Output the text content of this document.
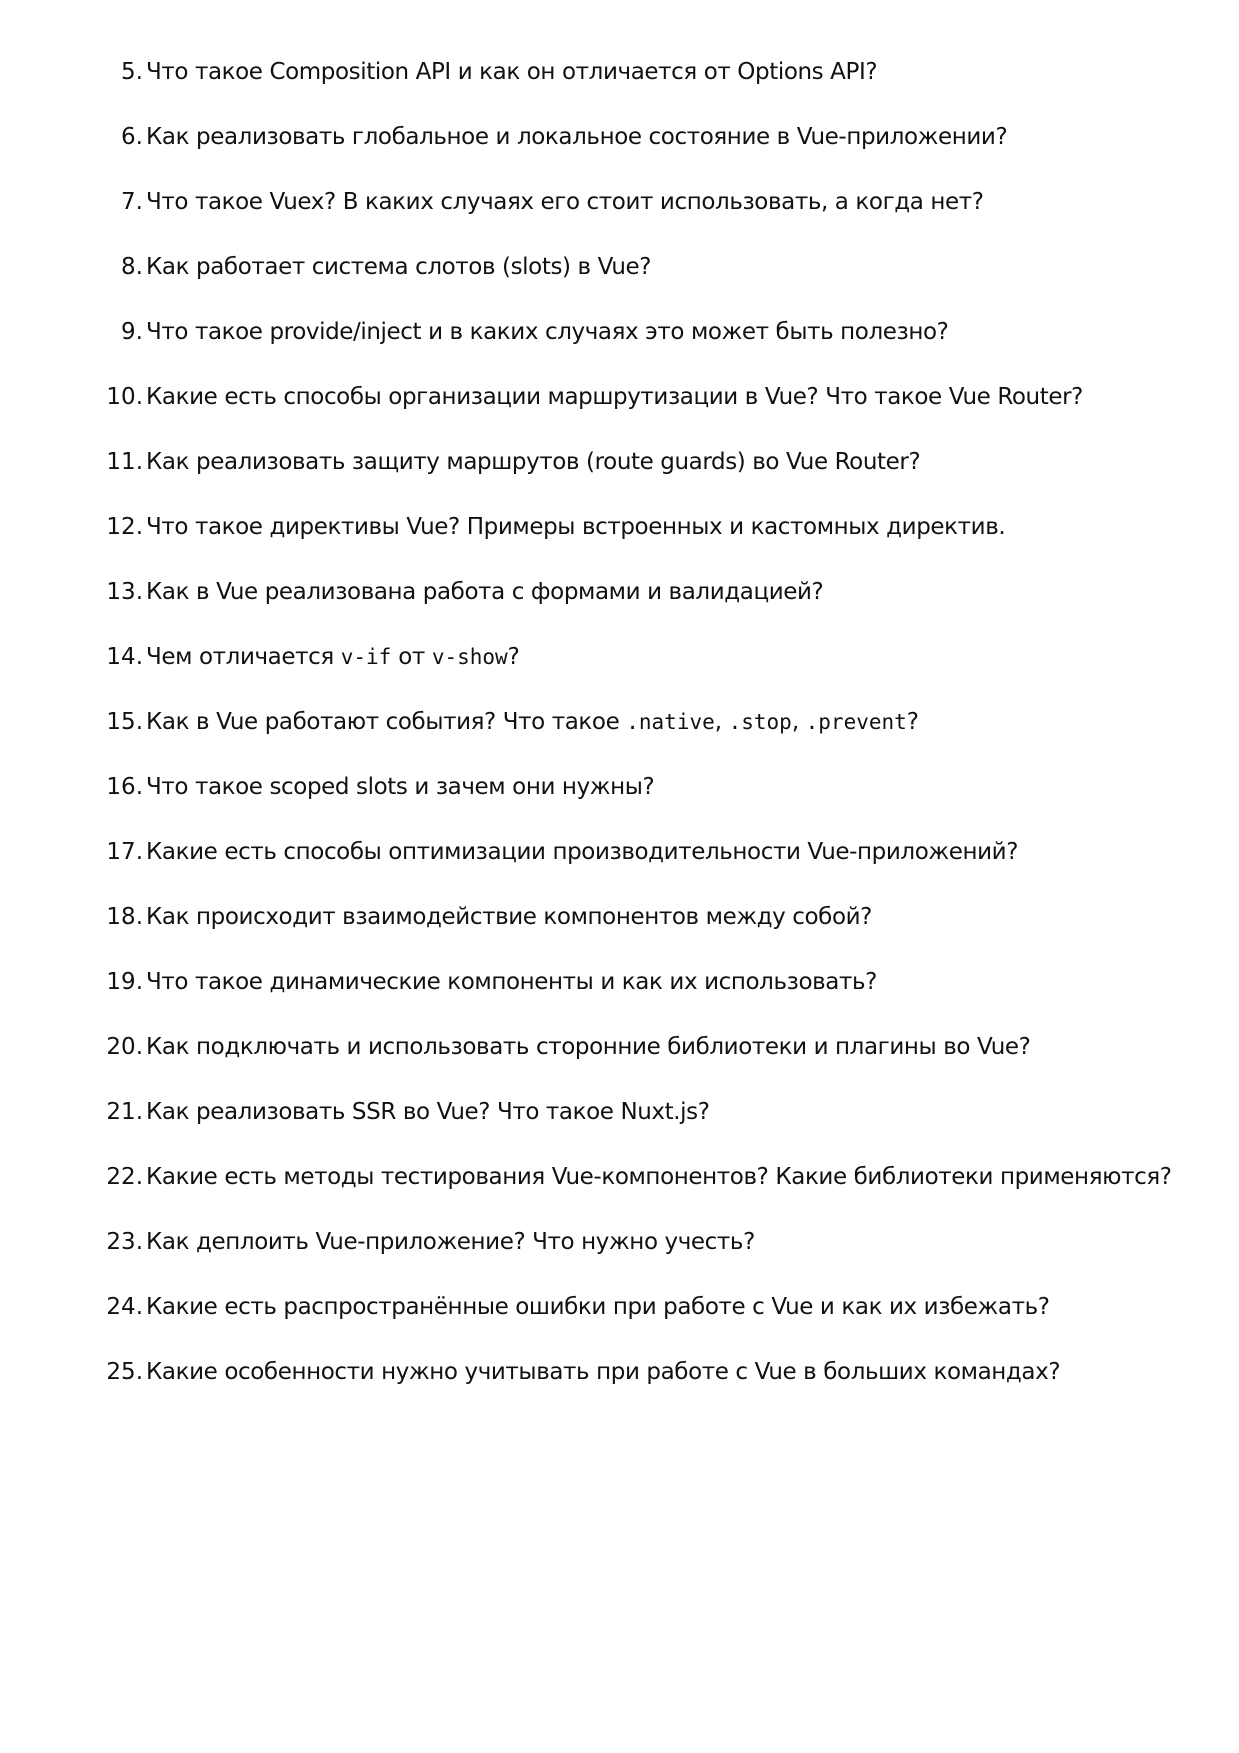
5. Что такое Composition API и как он отличается от Options API?
6. Как реализовать глобальное и локальное состояние в Vue-приложении?
7. Что такое Vuex? В каких случаях его стоит использовать, а когда нет?
8. Как работает система слотов (slots) в Vue?
9. Что такое provide/inject и в каких случаях это может быть полезно?
10. Какие есть способы организации маршрутизации в Vue? Что такое Vue Router?
11. Как реализовать защиту маршрутов (route guards) во Vue Router?
12. Что такое директивы Vue? Примеры встроенных и кастомных директив.
13. Как в Vue реализована работа с формами и валидацией?
14. Чем отличается v-if от v-show?
15. Как в Vue работают события? Что такое .native, .stop, .prevent?
16. Что такое scoped slots и зачем они нужны?
17. Какие есть способы оптимизации производительности Vue-приложений?
18. Как происходит взаимодействие компонентов между собой?
19. Что такое динамические компоненты и как их использовать?
20. Как подключать и использовать сторонние библиотеки и плагины во Vue?
21. Как реализовать SSR во Vue? Что такое Nuxt.js?
22. Какие есть методы тестирования Vue-компонентов? Какие библиотеки применяются?
23. Как деплоить Vue-приложение? Что нужно учесть?
24. Какие есть распространённые ошибки при работе с Vue и как их избежать?
25. Какие особенности нужно учитывать при работе с Vue в больших командах?
